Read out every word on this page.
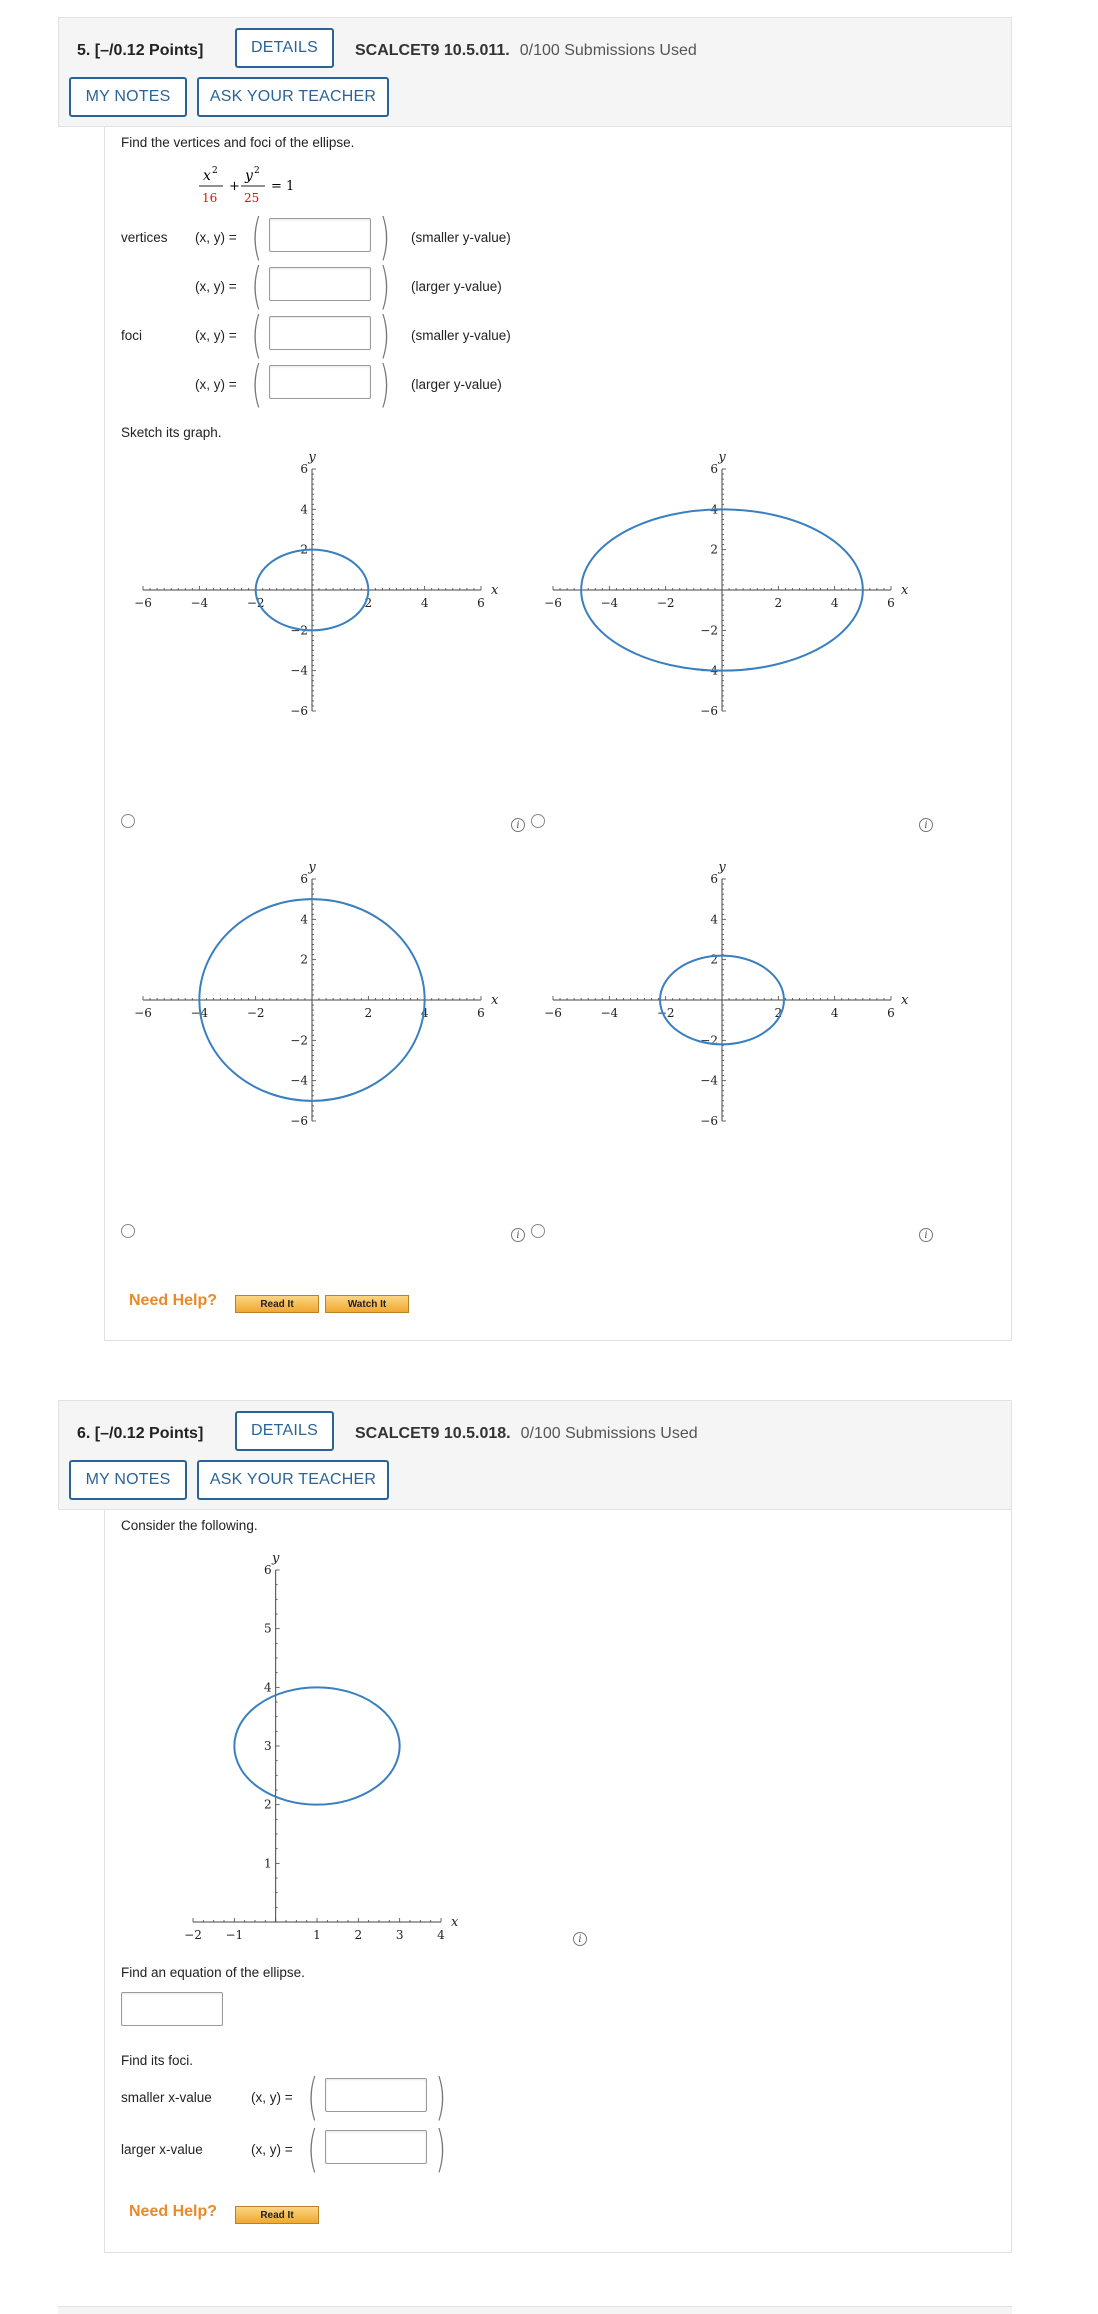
5. [–/0.12 Points]	DETAILS	SCALCET9 10.5.011. 0/100 Submissions Used
MY NOTES	ASK YOUR TEACHER
Find the vertices and foci of the ellipse.
x 2
16
+
y 2
25
= 1
vertices (x, y) = ( ) (smaller y-value)
(x, y) = ( ) (larger y-value)
foci	(x, y) = ( ) (smaller y-value)
(x, y) = ( ) (larger y-value)
Sketch its graph.
−6	−4	−2	2	4	6
6
4
2
−2
−4
−6
x
y
−6	−4	−2	2	4	6
6
4
2
−2
−4
−6
x
y
−6	−4	−2	2	4	6
6
4
2
−2
−4
−6
x
y
−6	−4	−2	2	4	6
6
4
2
−2
−4
−6
x
y
i	i
i	i
Need Help?	Read It	Watch It
6. [–/0.12 Points]	DETAILS	SCALCET9 10.5.018. 0/100 Submissions Used
MY NOTES	ASK YOUR TEACHER
Consider the following.
−2 −1	1	2	3	4
6
5
4
3
2
1
x
y
i
Find an equation of the ellipse.
Find its foci.
smaller x-value	(x, y) = ( )
larger x-value	(x, y) = ( )
Need Help?	Read It
